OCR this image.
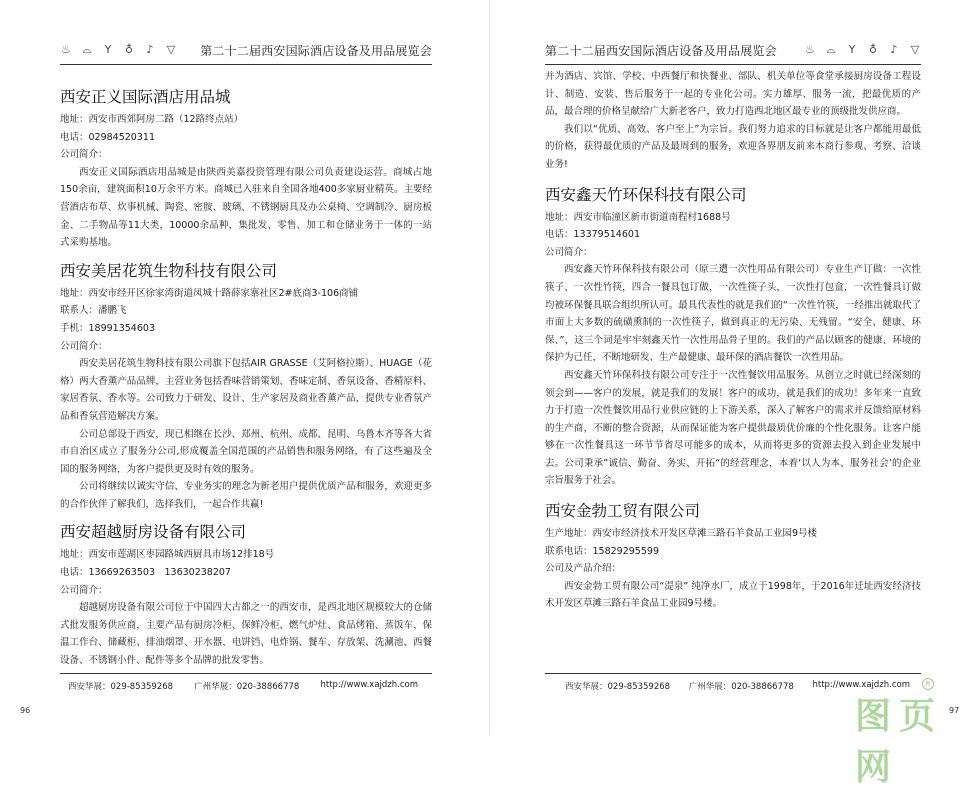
♨ ⌓ Y ♁ ♪ ▽ 第二十二届西安国际酒店设备及用品展览会
西安正义国际酒店用品城
地址：西安市西郊阿房二路（12路终点站）
电话：02984520311
公司简介：

西安正义国际酒店用品城是由陕西美嘉投资管理有限公司负责建设运营。商城占地150余亩，建筑面积10万余平方米。商城已入驻来自全国各地400多家厨业精英。主要经营酒店布草、炊事机械、陶瓷、密胺、玻璃、不锈钢厨具及办公桌椅、空调制冷、厨房板金、二手物品等11大类，10000余品种，集批发、零售、加工和仓储业务于一体的一站式采购基地。

西安美居花筑生物科技有限公司
地址：西安市经开区徐家湾街道凤城十路薛家寨社区2#底商3-106商铺
联系人：潘鹏飞
手机：18991354603
公司简介：

西安美居花筑生物科技有限公司旗下包括AIR GRASSE（艾阿格拉斯）、HUAGE（花格）两大香薰产品品牌，主营业务包括香味营销策划、香味定制、香氛设备、香精原料、家居香氛、香水等。公司致力于研发、设计、生产家居及商业香薰产品，提供专业香氛产品和香氛营造解决方案。

公司总部设于西安，现已相继在长沙、郑州、杭州、成都、昆明、乌鲁木齐等各大省市自治区成立了服务分公司,形成覆盖全国范围的产品销售和服务网络，有了这些遍及全国的服务网络，为客户提供更及时有效的服务。

公司将继续以诚实守信、专业务实的理念为新老用户提供优质产品和服务，欢迎更多的合作伙伴了解我们，选择我们，一起合作共赢!

西安超越厨房设备有限公司
地址：西安市莲湖区枣园路城西厨具市场12排18号
电话：13669263503　13630238207
公司简介：

超越厨房设备有限公司位于中国四大古都之一的西安市，是西北地区规模较大的仓储式批发服务供应商，主要产品有厨房冷柜、保鲜冷柜、燃气炉灶、食品烤箱、蒸饭车、保温工作台、储藏柜、排油烟罩、开水器、电饼铛、电炸锅、餐车、存放架、洗涮池、西餐设备、不锈钢小件、配件等多个品牌的批发零售。

西安华展：029-85359268 广州华展：020-38866778 http://www.xajdzh.com
96
第二十二届西安国际酒店设备及用品展览会	♨ ⌓ Y ♁ ♪ ▽

并为酒店、宾馆、学校、中西餐厅和快餐业、部队、机关单位等食堂承接厨房设备工程设计、制造、安装、售后服务于一起的专业化公司。实力雄厚、服务一流，把最优质的产品，最合理的价格呈献给广大新老客户，致力打造西北地区最专业的顶级批发供应商。

我们以“优质、高效、客户至上”为宗旨。我们努力追求的目标就是让客户都能用最低的价格，获得最优质的产品及最周到的服务，欢迎各界朋友前来本商行参观、考察、洽谈业务!

西安鑫天竹环保科技有限公司
地址：西安市临潼区新市街道南程村1688号
电话：13379514601
公司简介：

西安鑫天竹环保科技有限公司（原三遭一次性用品有限公司）专业生产订做：一次性筷子、一次性竹筷，四合一餐具包订做，一次性筷子头，一次性打包盒，一次性餐具订做均被环保餐具联合组织所认可。最具代表性的就是我们的“一次性竹筷，一经推出就取代了市面上大多数的硫磺熏制的一次性筷子，做到真正的无污染、无残留。“安全、健康、环保、”，这三个词是牢牢刻鑫天竹一次性用品骨子里的。我们的产品以顾客的健康、环境的保护为己任，不断地研发、生产最健康、最环保的酒店餐饮一次性用品。

西安鑫天竹环保科技有限公司专注于一次性餐饮用品服务。从创立之时就已经深刻的领会到——客户的发展，就是我们的发展！客户的成功，就是我们的成功！多年来一直致力于打造一次性餐饮用品行业供应链的上下游关系，深入了解客户的需求并反馈给原材料的生产商，不断的整合资源，从而保证能为客户提供最质优价廉的个性化服务。让客户能够在一次性餐具这一环节节省尽可能多的成本，从而将更多的资源去投入到企业发展中去。公司秉承”诚信、勤奋、务实、开拓“的经营理念，本着‘以人为本、服务社会’的企业宗旨服务于社会。

西安金勃工贸有限公司
生产地址：西安市经济技术开发区草滩三路石羊食品工业园9号楼
联系电话：15829295599
公司及产品介绍：

西安金勃工贸有限公司“湜泉” 纯净水厂，成立于1998年，于2016年迁址西安经济技术开发区草滩三路石羊食品工业园9号楼。

西安华展：029-85359268 广州华展：020-38866778 http://www.xajdzh.com
97
R
图页网
